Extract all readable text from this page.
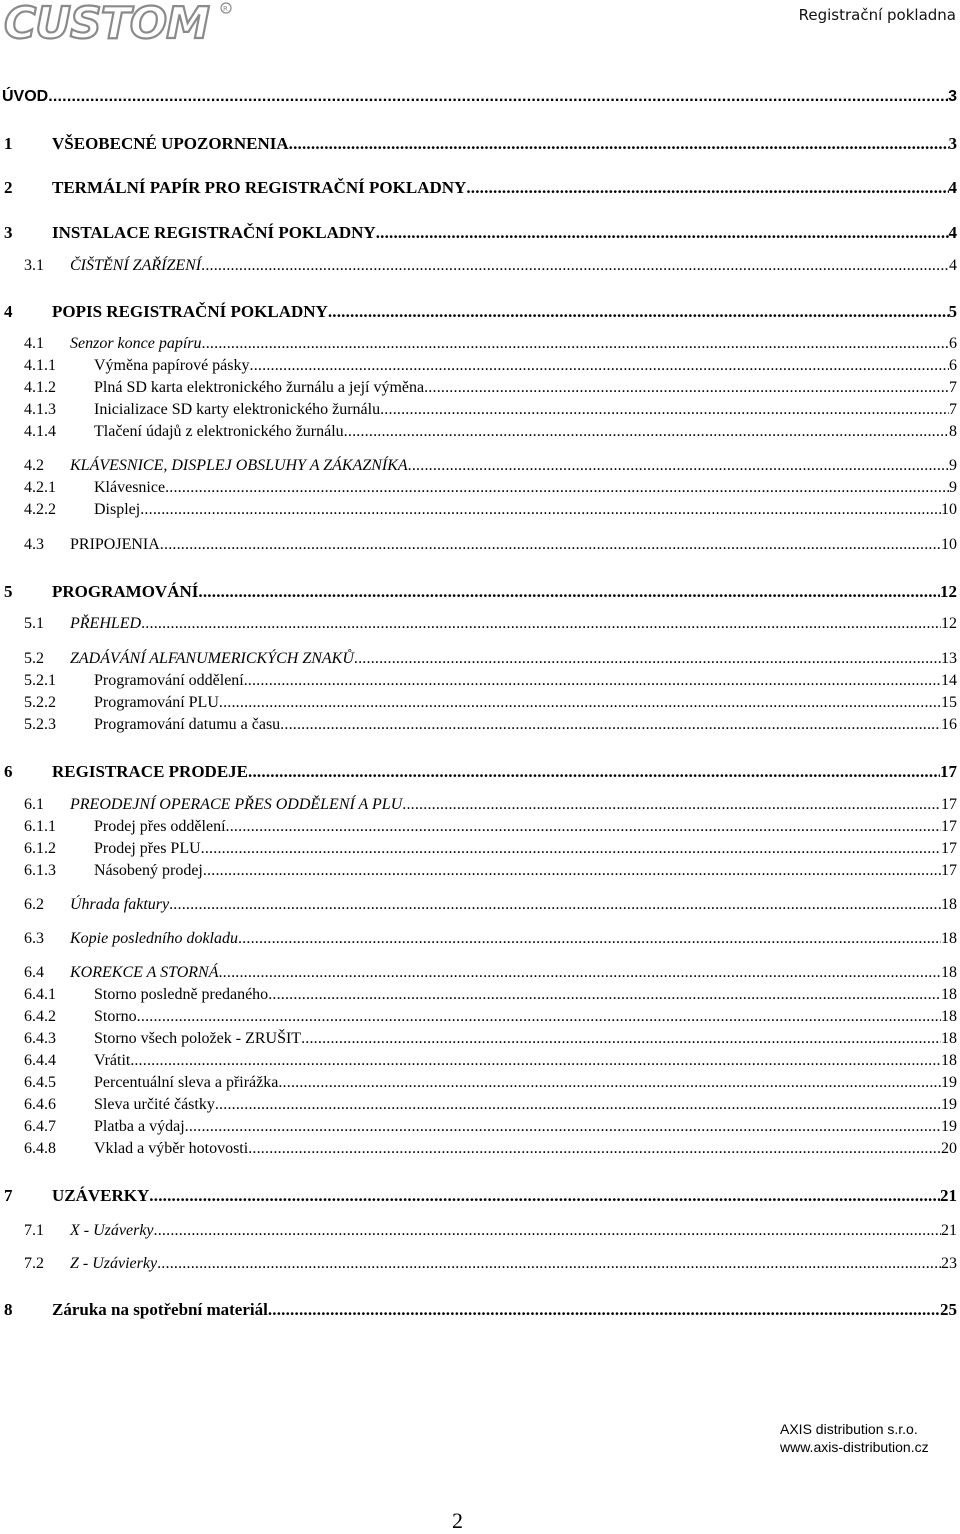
CUSTOM R	Registrační pokladna
ÚVOD .....	3
1	VŠEOBECNÉ UPOZORNENIA .....	3
2	TERMÁLNÍ PAPÍR PRO REGISTRAČNÍ POKLADNY .....	4
3	INSTALACE REGISTRAČNÍ POKLADNY .....	4
3.1	ČIŠTĚNÍ ZAŘÍZENÍ .....	4
4	POPIS REGISTRAČNÍ POKLADNY .....	5
4.1	Senzor konce papíru .....	6
4.1.1	Výměna papírové pásky .....	6
4.1.2	Plná SD karta elektronického žurnálu a její výměna .....	7
4.1.3	Inicializace SD karty elektronického žurnálu .....	7
4.1.4	Tlačení údajů z elektronického žurnálu .....	8
4.2	KLÁVESNICE, DISPLEJ OBSLUHY A ZÁKAZNÍKA .....	9
4.2.1	Klávesnice .....	9
4.2.2	Displej .....	10
4.3	PRIPOJENIA .....	10
5	PROGRAMOVÁNÍ .....	12
5.1	PŘEHLED .....	12
5.2	ZADÁVÁNÍ ALFANUMERICKÝCH ZNAKŮ .....	13
5.2.1	Programování oddělení. .....	14
5.2.2	Programování PLU .....	15
5.2.3	Programování datumu a času .....	16
6	REGISTRACE PRODEJE .....	17
6.1	PREODEJNÍ OPERACE PŘES ODDĚLENÍ A PLU .....	17
6.1.1	Prodej přes oddělení .....	17
6.1.2	Prodej přes PLU .....	17
6.1.3	Násobený prodej .....	17
6.2	Úhrada faktury .....	18
6.3	Kopie posledního dokladu .....	18
6.4	KOREKCE A STORNÁ .....	18
6.4.1	Storno posledně predaného .....	18
6.4.2	Storno .....	18
6.4.3	Storno všech položek - ZRUŠIT .....	18
6.4.4	Vrátit. .....	18
6.4.5	Percentuální sleva a přirážka .....	19
6.4.6	Sleva určité částky .....	19
6.4.7	Platba a výdaj .....	19
6.4.8	Vklad a výběr hotovosti .....	20
7	UZÁVERKY .....	21
7.1	X - Uzáverky .....	21
7.2	Z - Uzávierky .....	23
8	Záruka na spotřební materiál .....	25
AXIS distribution s.r.o.
www.axis-distribution.cz
2
